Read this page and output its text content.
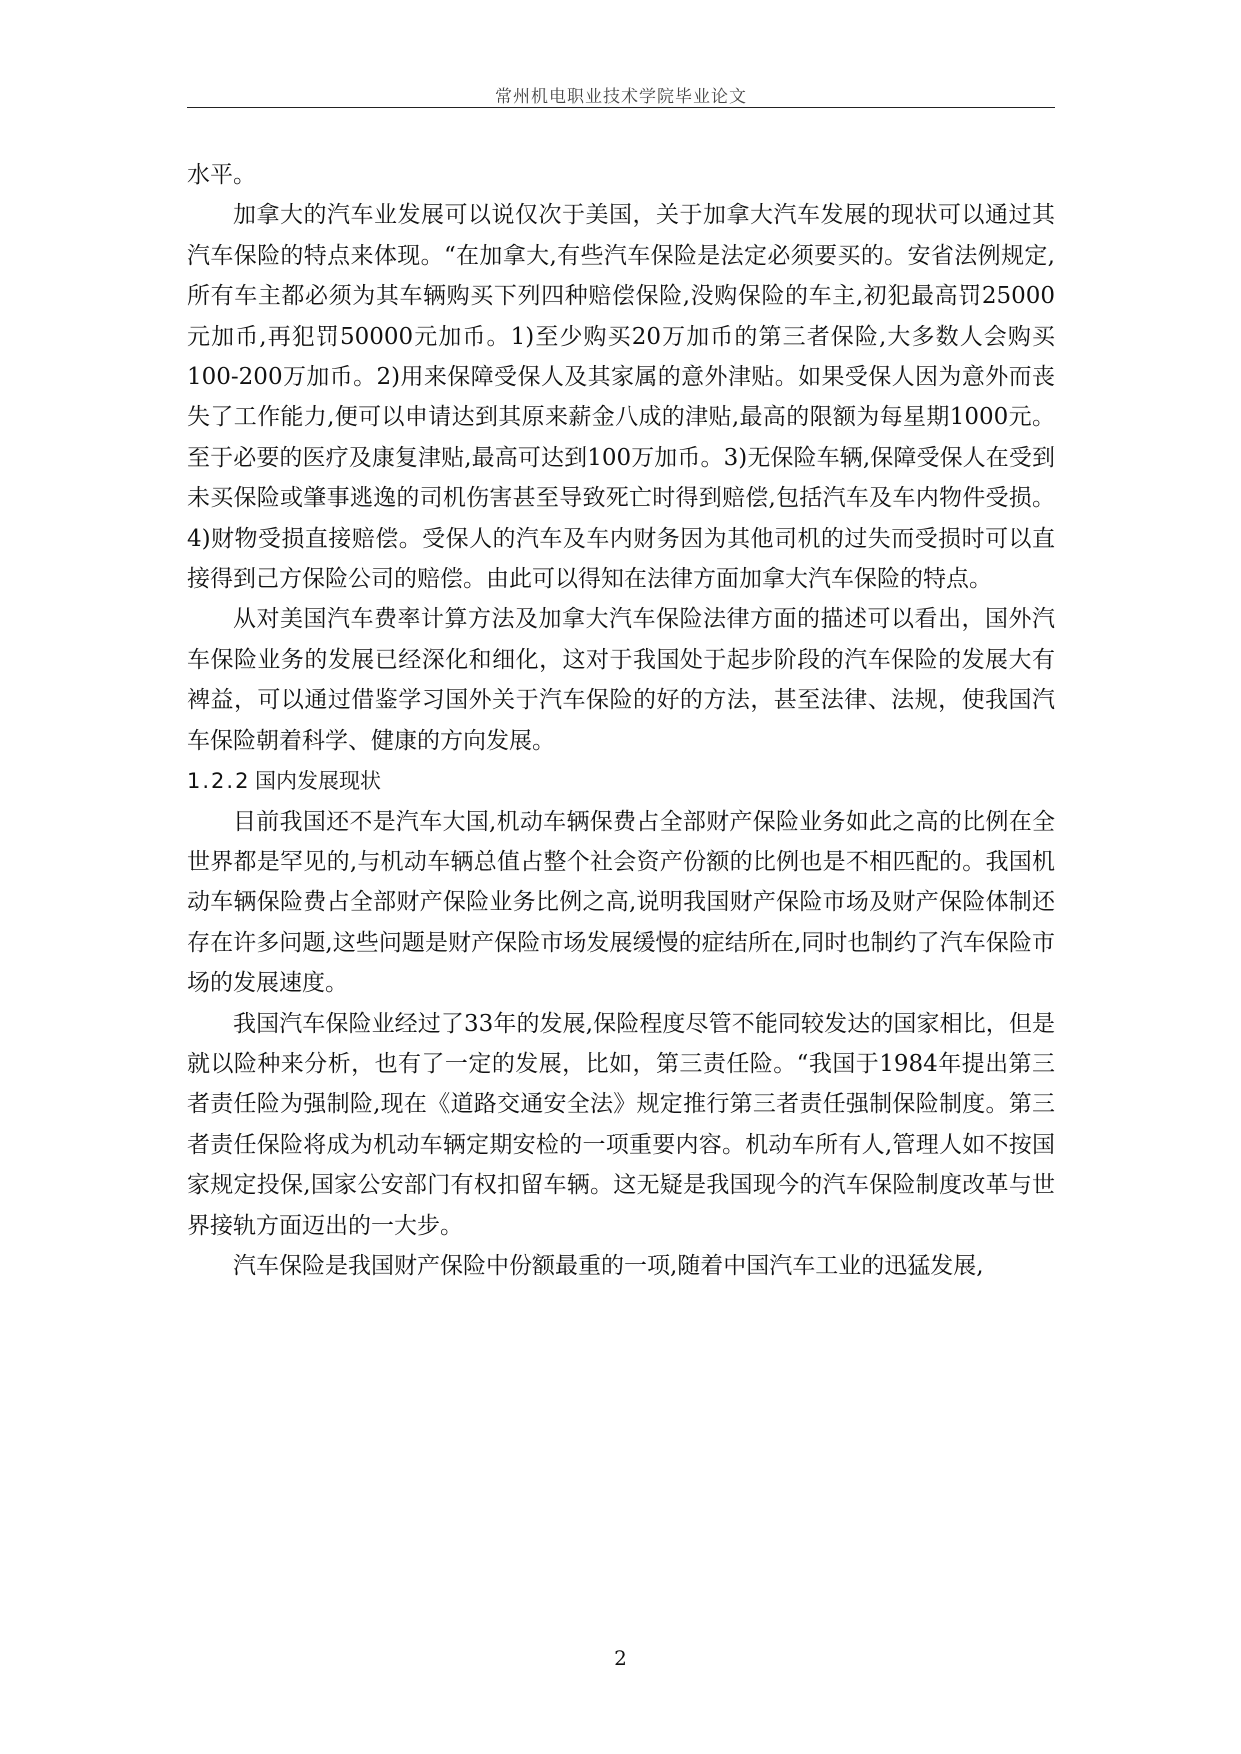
常州机电职业技术学院毕业论文

水平。

加拿大的汽车业发展可以说仅次于美国，关于加拿大汽车发展的现状可以通过其汽车保险的特点来体现。“在加拿大,有些汽车保险是法定必须要买的。安省法例规定,所有车主都必须为其车辆购买下列四种赔偿保险,没购保险的车主,初犯最高罚25000元加币,再犯罚50000元加币。1)至少购买20万加币的第三者保险,大多数人会购买100-200万加币。2)用来保障受保人及其家属的意外津贴。如果受保人因为意外而丧失了工作能力,便可以申请达到其原来薪金八成的津贴,最高的限额为每星期1000元。至于必要的医疗及康复津贴,最高可达到100万加币。3)无保险车辆,保障受保人在受到未买保险或肇事逃逸的司机伤害甚至导致死亡时得到赔偿,包括汽车及车内物件受损。4)财物受损直接赔偿。受保人的汽车及车内财务因为其他司机的过失而受损时可以直接得到己方保险公司的赔偿。由此可以得知在法律方面加拿大汽车保险的特点。

从对美国汽车费率计算方法及加拿大汽车保险法律方面的描述可以看出，国外汽车保险业务的发展已经深化和细化，这对于我国处于起步阶段的汽车保险的发展大有裨益，可以通过借鉴学习国外关于汽车保险的好的方法，甚至法律、法规，使我国汽车保险朝着科学、健康的方向发展。

1.2.2 国内发展现状

目前我国还不是汽车大国,机动车辆保费占全部财产保险业务如此之高的比例在全世界都是罕见的,与机动车辆总值占整个社会资产份额的比例也是不相匹配的。我国机动车辆保险费占全部财产保险业务比例之高,说明我国财产保险市场及财产保险体制还存在许多问题,这些问题是财产保险市场发展缓慢的症结所在,同时也制约了汽车保险市场的发展速度。

我国汽车保险业经过了33年的发展,保险程度尽管不能同较发达的国家相比，但是就以险种来分析，也有了一定的发展，比如，第三责任险。“我国于1984年提出第三者责任险为强制险,现在《道路交通安全法》规定推行第三者责任强制保险制度。第三者责任保险将成为机动车辆定期安检的一项重要内容。机动车所有人,管理人如不按国家规定投保,国家公安部门有权扣留车辆。这无疑是我国现今的汽车保险制度改革与世界接轨方面迈出的一大步。

汽车保险是我国财产保险中份额最重的一项,随着中国汽车工业的迅猛发展,

2
